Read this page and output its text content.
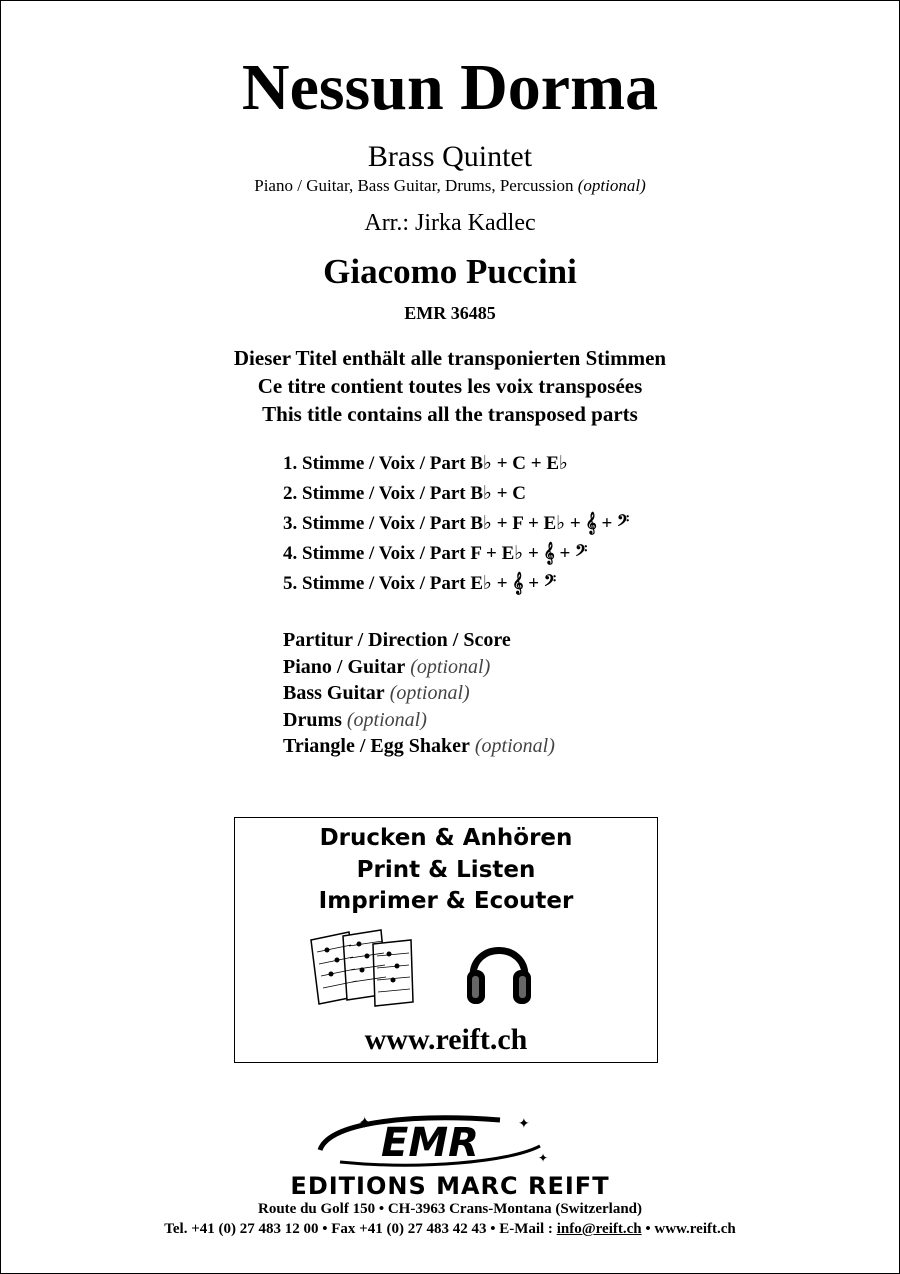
Nessun Dorma
Brass Quintet
Piano / Guitar, Bass Guitar, Drums, Percussion (optional)
Arr.: Jirka Kadlec
Giacomo Puccini
EMR 36485
Dieser Titel enthält alle transponierten Stimmen
Ce titre contient toutes les voix transposées
This title contains all the transposed parts
1. Stimme / Voix / Part B♭ + C + E♭
2. Stimme / Voix / Part B♭ + C
3. Stimme / Voix / Part B♭ + F + E♭ + 𝄞 + 𝄢
4. Stimme / Voix / Part F + E♭ + 𝄞 + 𝄢
5. Stimme / Voix / Part E♭ + 𝄞 + 𝄢
Partitur / Direction / Score
Piano / Guitar (optional)
Bass Guitar (optional)
Drums (optional)
Triangle / Egg Shaker (optional)
Drucken & Anhören
Print & Listen
Imprimer & Ecouter
www.reift.ch
EMR
✦	✦
✦
EDITIONS MARC REIFT
Route du Golf 150 • CH-3963 Crans-Montana (Switzerland)
Tel. +41 (0) 27 483 12 00 • Fax +41 (0) 27 483 42 43 • E-Mail : info@reift.ch • www.reift.ch
